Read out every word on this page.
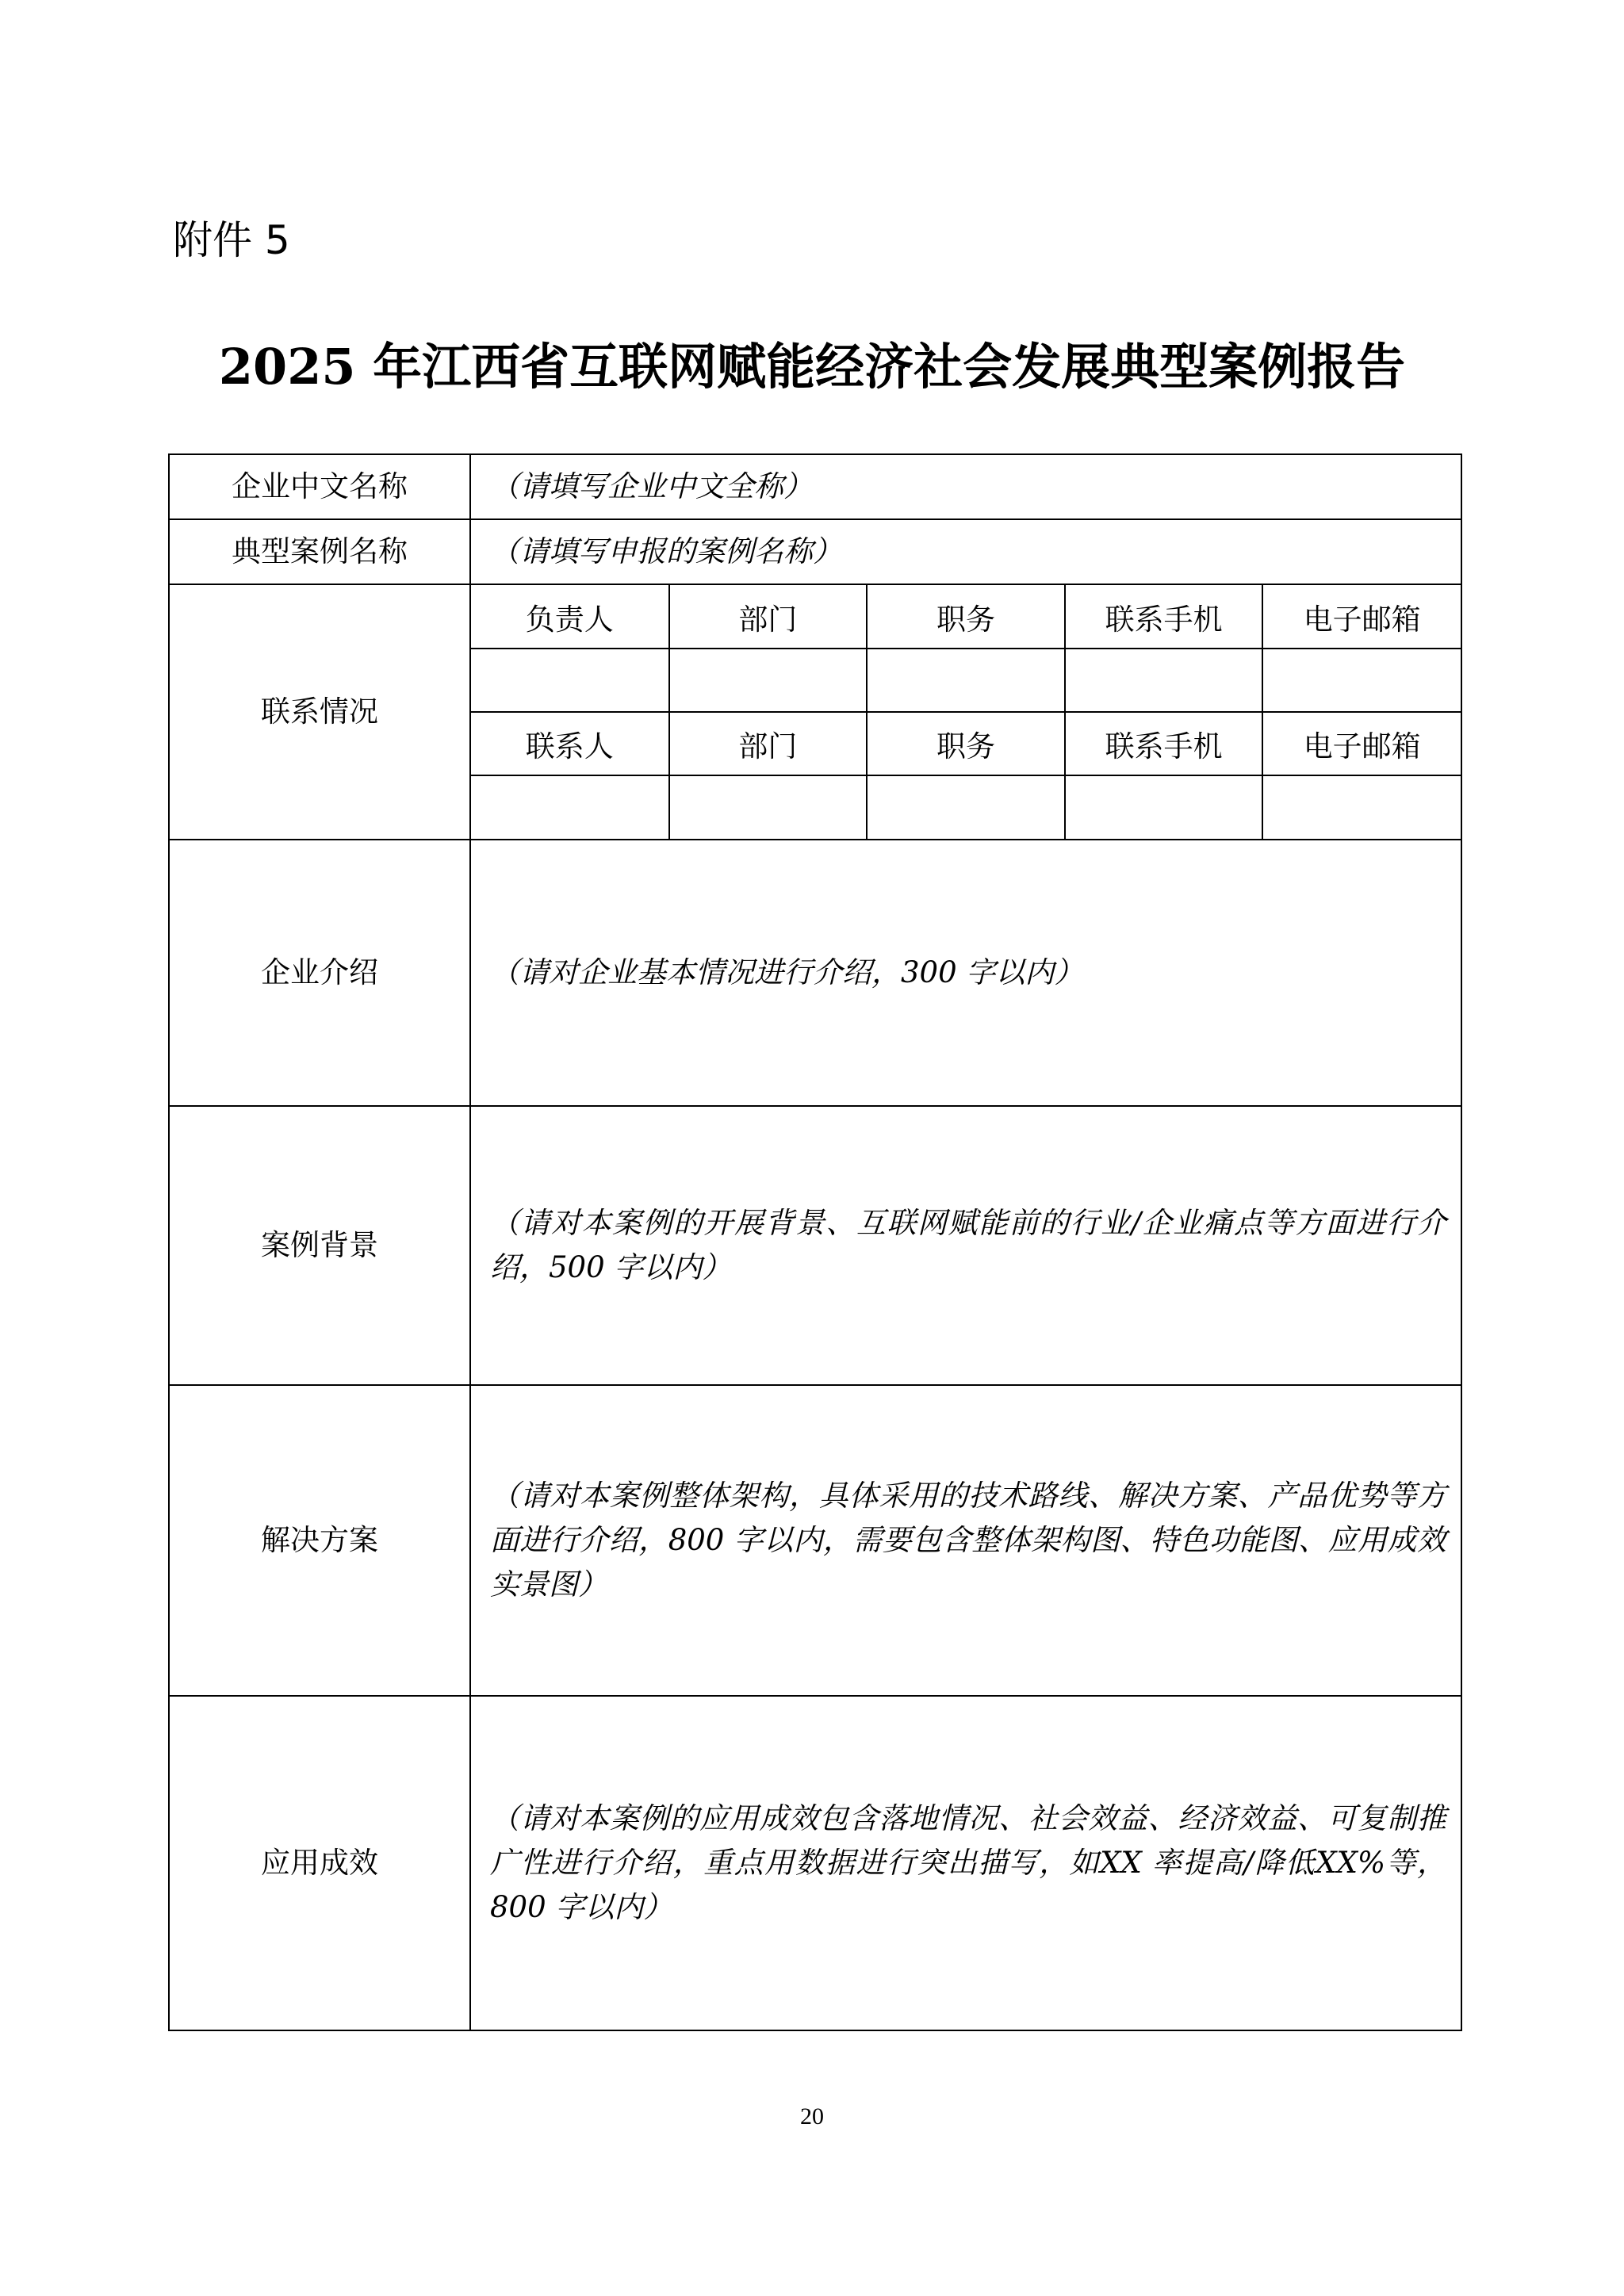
附件 5
2025 年江西省互联网赋能经济社会发展典型案例报告
企业中文名称	（请填写企业中文全称）
典型案例名称	（请填写申报的案例名称）
联系情况	
负责人	部门	职务	联系手机	电子邮箱

联系人	部门	职务	联系手机	电子邮箱

企业介绍	（请对企业基本情况进行介绍，300 字以内）
案例背景	（请对本案例的开展背景、互联网赋能前的行业/企业痛点等方面进行介绍，500 字以内）
解决方案	（请对本案例整体架构，具体采用的技术路线、解决方案、产品优势等方面进行介绍，800 字以内，需要包含整体架构图、特色功能图、应用成效实景图）
应用成效	（请对本案例的应用成效包含落地情况、社会效益、经济效益、可复制推广性进行介绍，重点用数据进行突出描写，如XX 率提高/降低XX%等，800 字以内）
20
